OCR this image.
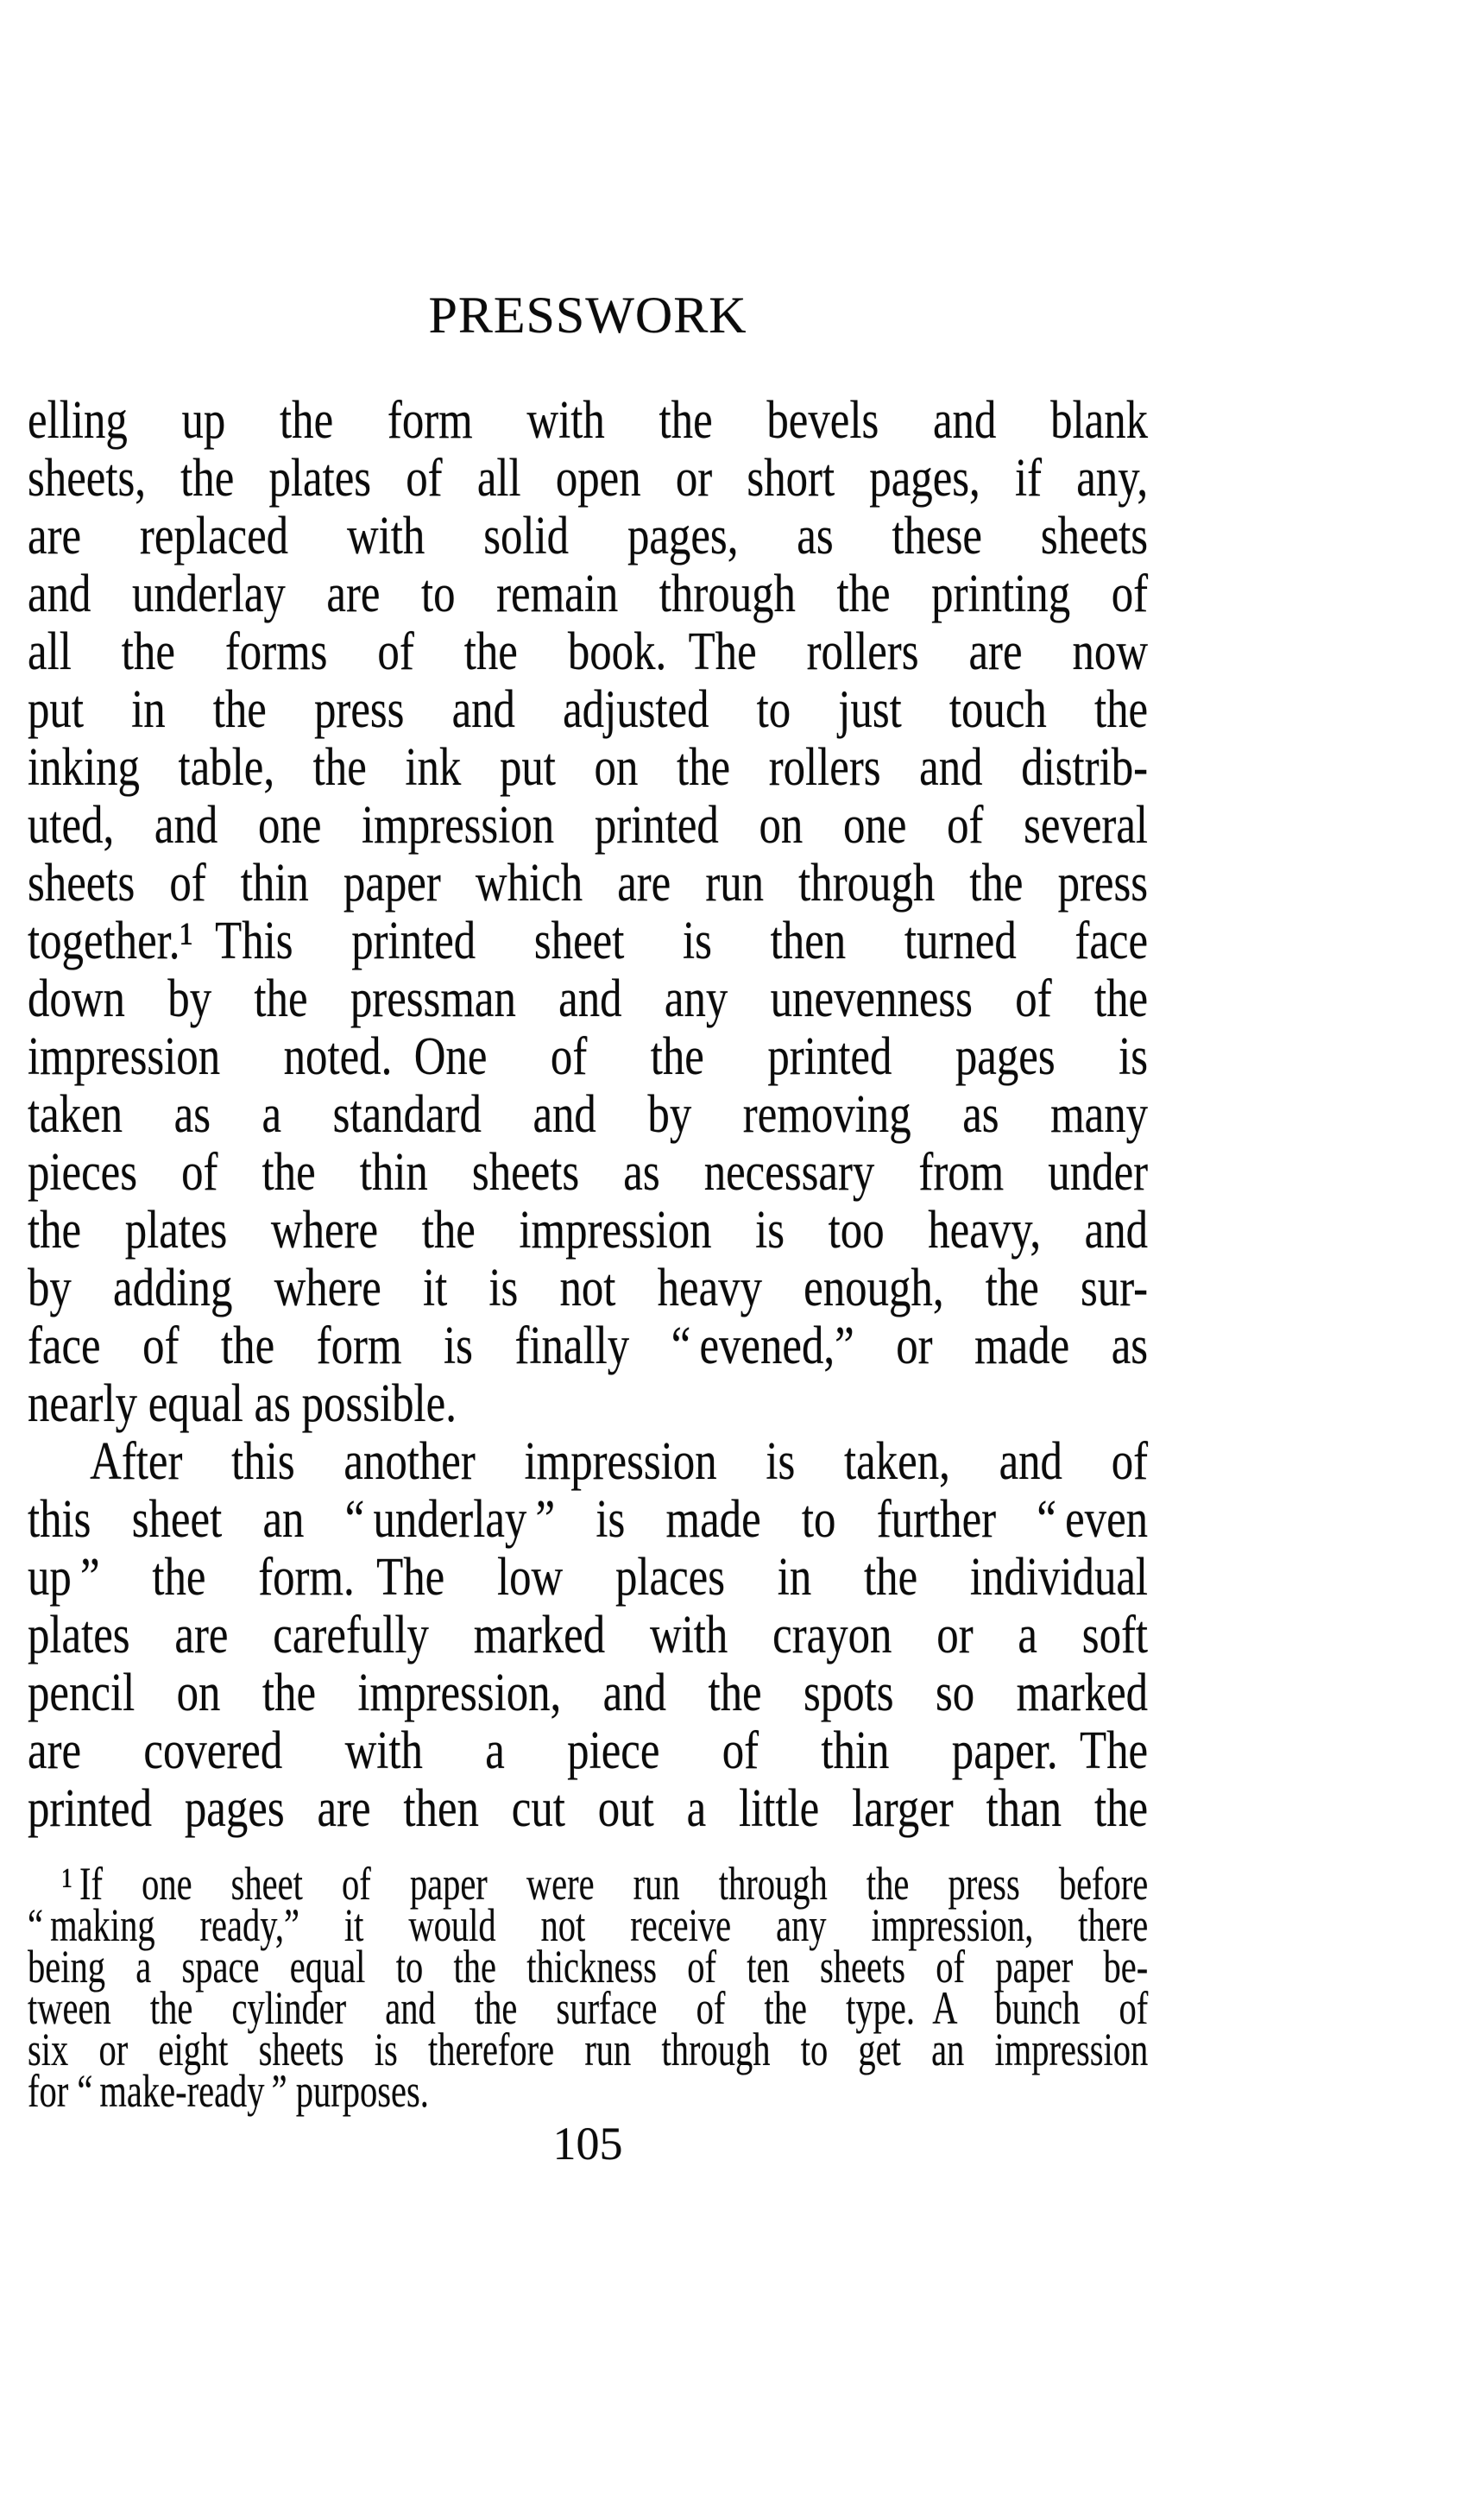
PRESSWORK
elling up the form with the bevels and blank
sheets, the plates of all open or short pages, if any,
are replaced with solid pages, as these sheets
and underlay are to remain through the printing of
all the forms of the book. The rollers are now
put in the press and adjusted to just touch the
inking table, the ink put on the rollers and distrib-
uted, and one impression printed on one of several
sheets of thin paper which are run through the press
together.¹ This printed sheet is then turned face
down by the pressman and any unevenness of the
impression noted. One of the printed pages is
taken as a standard and by removing as many
pieces of the thin sheets as necessary from under
the plates where the impression is too heavy, and
by adding where it is not heavy enough, the sur-
face of the form is finally “ evened,” or made as
nearly equal as possible.
After this another impression is taken, and of
this sheet an “ underlay ” is made to further “ even
up ” the form. The low places in the individual
plates are carefully marked with crayon or a soft
pencil on the impression, and the spots so marked
are covered with a piece of thin paper. The
printed pages are then cut out a little larger than the
¹ If one sheet of paper were run through the press before
“ making ready,” it would not receive any impression, there
being a space equal to the thickness of ten sheets of paper be-
tween the cylinder and the surface of the type. A bunch of
six or eight sheets is therefore run through to get an impression
for “ make-ready ” purposes.
105
